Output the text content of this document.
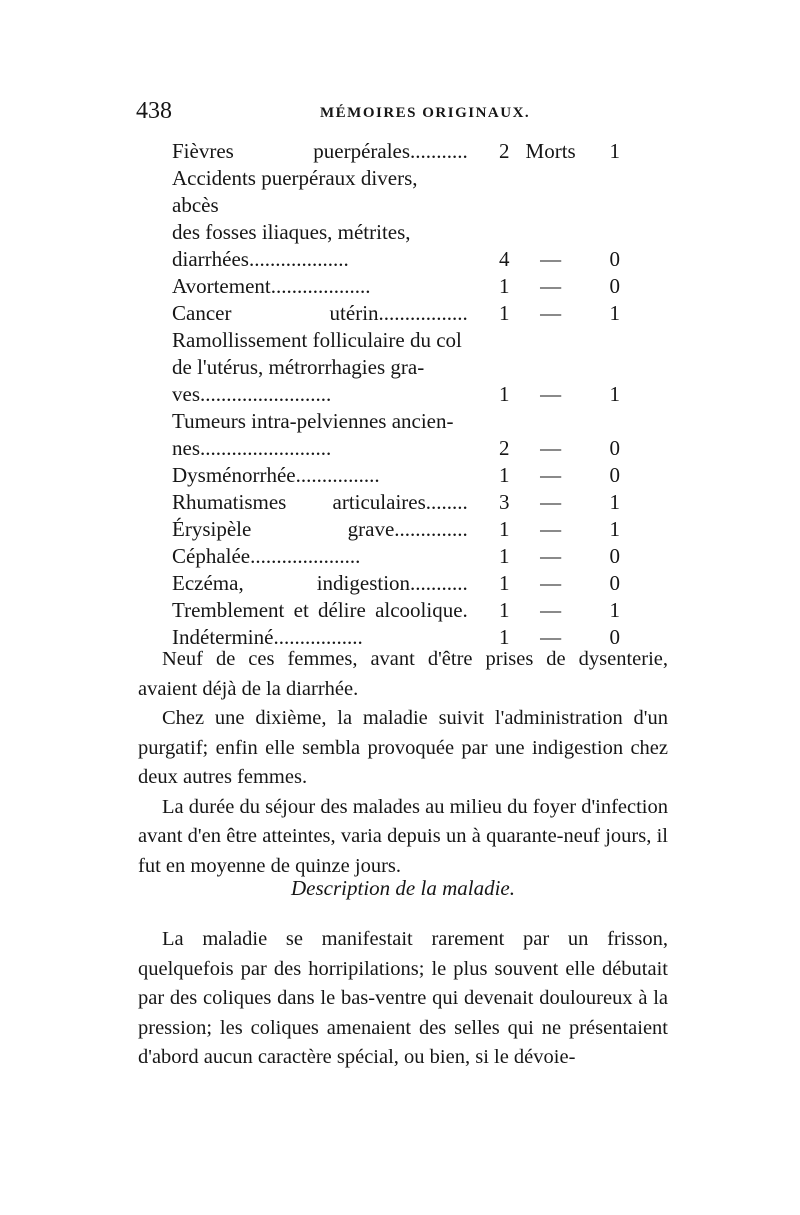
438	MÉMOIRES ORIGINAUX.
Fièvres puerpérales...........	2	Morts	1
Accidents puerpéraux divers, abcès			
des fosses iliaques, métrites,			
diarrhées...................	4	—	0
Avortement...................	1	—	0
Cancer utérin.................	1	—	1
Ramollissement folliculaire du col			
de l'utérus, métrorrhagies gra-			
ves.........................	1	—	1
Tumeurs intra-pelviennes ancien-			
nes.........................	2	—	0
Dysménorrhée................	1	—	0
Rhumatismes articulaires........	3	—	1
Érysipèle grave..............	1	—	1
Céphalée.....................	1	—	0
Eczéma, indigestion...........	1	—	0
Tremblement et délire alcoolique.	1	—	1
Indéterminé.................	1	—	0

Neuf de ces femmes, avant d'être prises de dysenterie, avaient déjà de la diarrhée.

Chez une dixième, la maladie suivit l'administration d'un purgatif; enfin elle sembla provoquée par une indigestion chez deux autres femmes.

La durée du séjour des malades au milieu du foyer d'infection avant d'en être atteintes, varia depuis un à quarante-neuf jours, il fut en moyenne de quinze jours.

Description de la maladie.

La maladie se manifestait rarement par un frisson, quelquefois par des horripilations; le plus souvent elle débutait par des coliques dans le bas-ventre qui devenait douloureux à la pression; les coliques amenaient des selles qui ne présentaient d'abord aucun caractère spécial, ou bien, si le dévoie-
